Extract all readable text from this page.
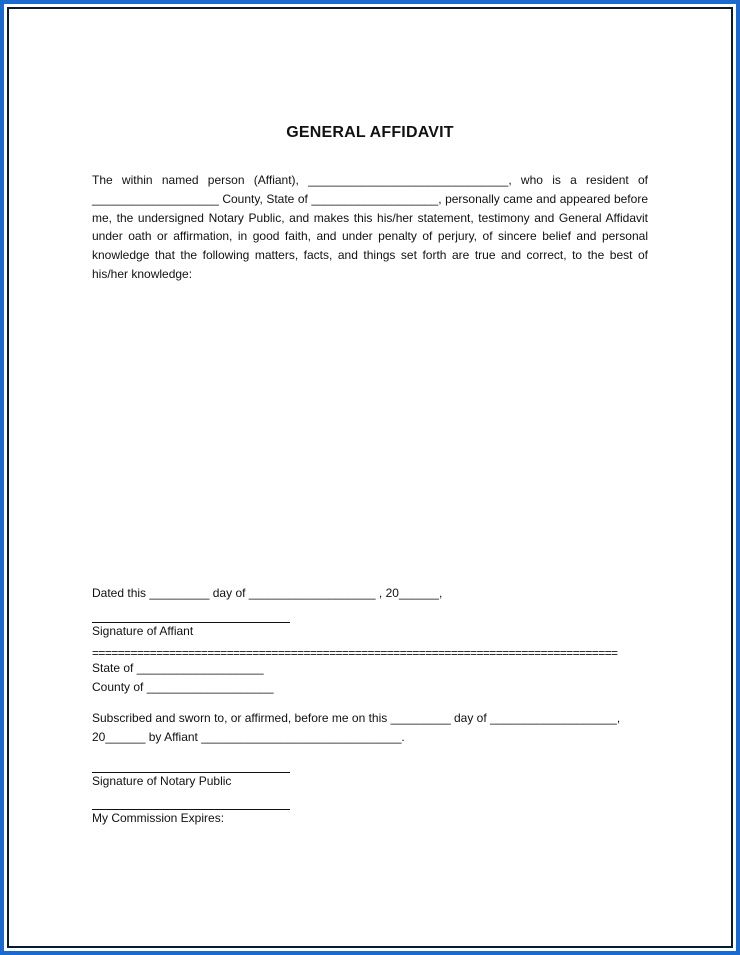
GENERAL AFFIDAVIT
The within named person (Affiant), ______________________________, who is a resident of ___________________ County, State of ___________________, personally came and appeared before me, the undersigned Notary Public, and makes this his/her statement, testimony and General Affidavit under oath or affirmation, in good faith, and under penalty of perjury, of sincere belief and personal knowledge that the following matters, facts, and things set forth are true and correct, to the best of his/her knowledge:
Dated this _________ day of ___________________ , 20______,
Signature of Affiant
==================================================================================
State of ___________________
County of ___________________
Subscribed and sworn to, or affirmed, before me on this _________ day of ___________________,
20______ by Affiant ______________________________.
Signature of Notary Public
My Commission Expires:
